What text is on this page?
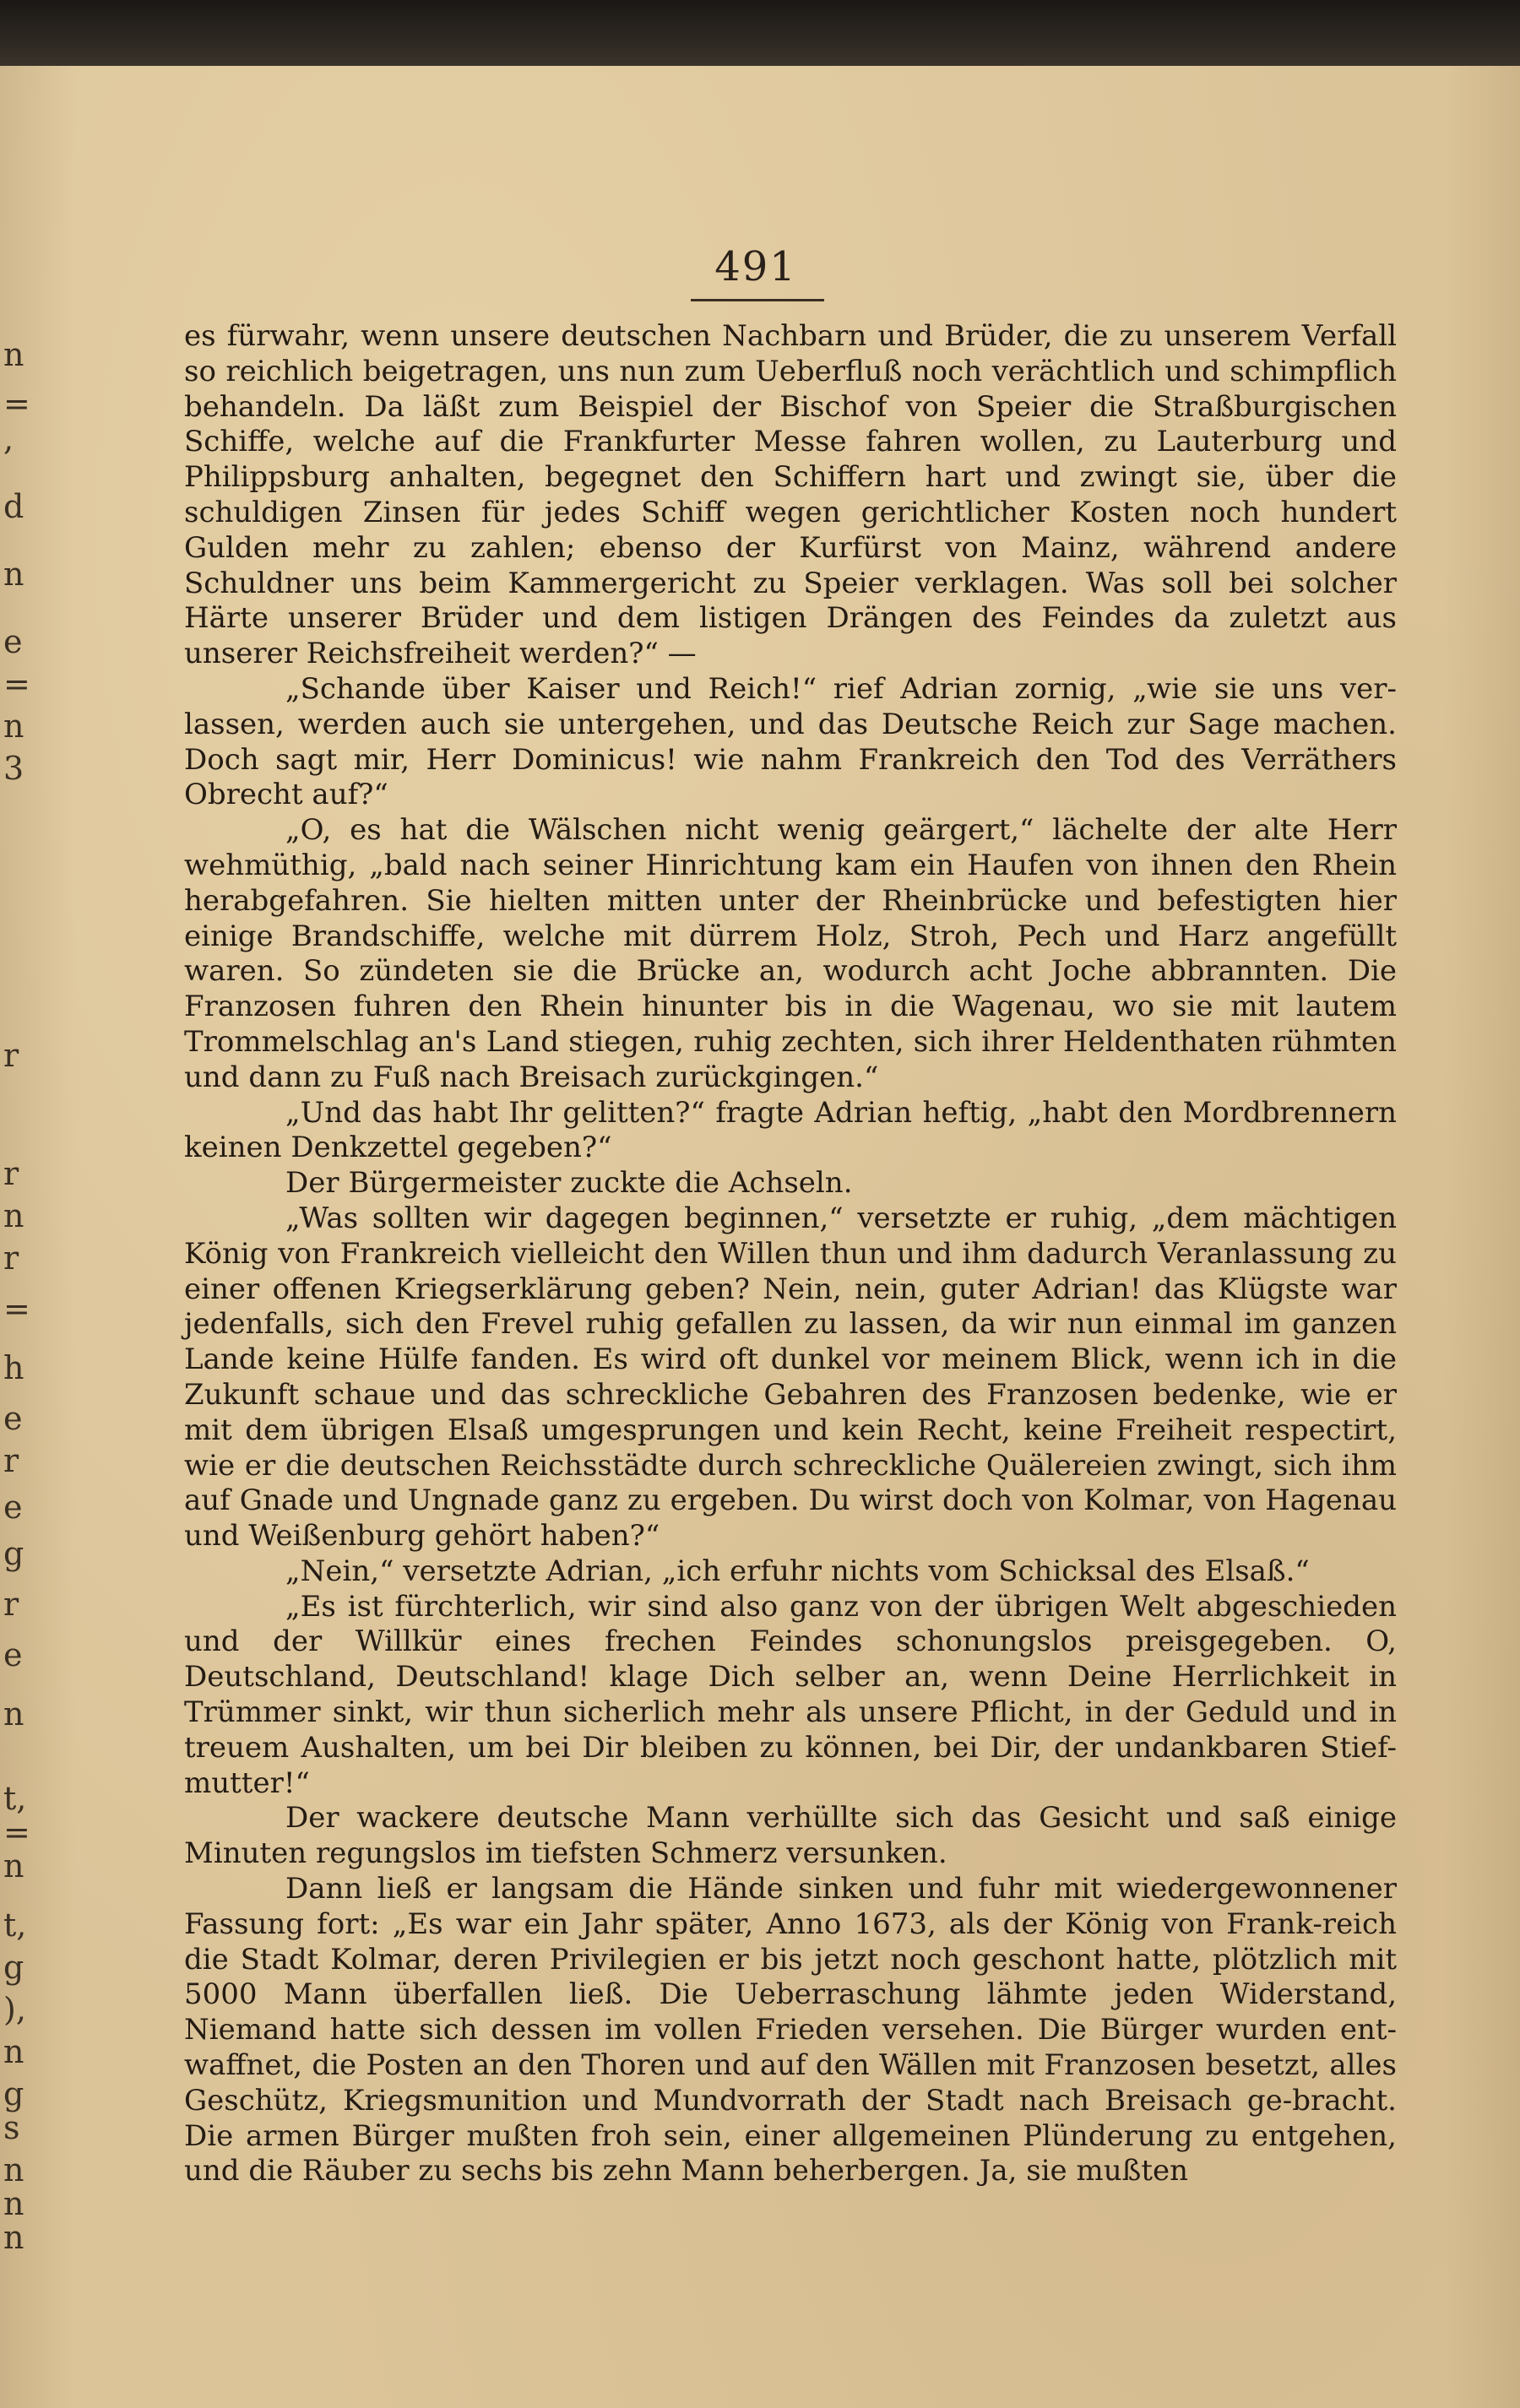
n
=
,
d
n
e
=
n
3
r
r
n
r
=
h
e
r
e
g
r
e
n
t,
=
n
t,
g
),
n
g
s
n
n
n
491

es fürwahr, wenn unsere deutschen Nachbarn und Brüder, die zu unserem Verfall so reichlich beigetragen, uns nun zum Ueberfluß noch verächtlich und schimpflich behandeln. Da läßt zum Beispiel der Bischof von Speier die Straßburgischen Schiffe, welche auf die Frankfurter Messe fahren wollen, zu Lauterburg und Philippsburg anhalten, begegnet den Schiffern hart und zwingt sie, über die schuldigen Zinsen für jedes Schiff wegen gerichtlicher Kosten noch hundert Gulden mehr zu zahlen; ebenso der Kurfürst von Mainz, während andere Schuldner uns beim Kammergericht zu Speier verklagen. Was soll bei solcher Härte unserer Brüder und dem listigen Drängen des Feindes da zuletzt aus unserer Reichsfreiheit werden?“ —

„Schande über Kaiser und Reich!“ rief Adrian zornig, „wie sie uns ver-lassen, werden auch sie untergehen, und das Deutsche Reich zur Sage machen. Doch sagt mir, Herr Dominicus! wie nahm Frankreich den Tod des Verräthers Obrecht auf?“

„O, es hat die Wälschen nicht wenig geärgert,“ lächelte der alte Herr wehmüthig, „bald nach seiner Hinrichtung kam ein Haufen von ihnen den Rhein herabgefahren. Sie hielten mitten unter der Rheinbrücke und befestigten hier einige Brandschiffe, welche mit dürrem Holz, Stroh, Pech und Harz angefüllt waren. So zündeten sie die Brücke an, wodurch acht Joche abbrannten. Die Franzosen fuhren den Rhein hinunter bis in die Wagenau, wo sie mit lautem Trommelschlag an's Land stiegen, ruhig zechten, sich ihrer Heldenthaten rühmten und dann zu Fuß nach Breisach zurückgingen.“

„Und das habt Ihr gelitten?“ fragte Adrian heftig, „habt den Mordbrennern keinen Denkzettel gegeben?“

Der Bürgermeister zuckte die Achseln.

„Was sollten wir dagegen beginnen,“ versetzte er ruhig, „dem mächtigen König von Frankreich vielleicht den Willen thun und ihm dadurch Veranlassung zu einer offenen Kriegserklärung geben? Nein, nein, guter Adrian! das Klügste war jedenfalls, sich den Frevel ruhig gefallen zu lassen, da wir nun einmal im ganzen Lande keine Hülfe fanden. Es wird oft dunkel vor meinem Blick, wenn ich in die Zukunft schaue und das schreckliche Gebahren des Franzosen bedenke, wie er mit dem übrigen Elsaß umgesprungen und kein Recht, keine Freiheit respectirt, wie er die deutschen Reichsstädte durch schreckliche Quälereien zwingt, sich ihm auf Gnade und Ungnade ganz zu ergeben. Du wirst doch von Kolmar, von Hagenau und Weißenburg gehört haben?“

„Nein,“ versetzte Adrian, „ich erfuhr nichts vom Schicksal des Elsaß.“

„Es ist fürchterlich, wir sind also ganz von der übrigen Welt abgeschieden und der Willkür eines frechen Feindes schonungslos preisgegeben. O, Deutschland, Deutschland! klage Dich selber an, wenn Deine Herrlichkeit in Trümmer sinkt, wir thun sicherlich mehr als unsere Pflicht, in der Geduld und in treuem Aushalten, um bei Dir bleiben zu können, bei Dir, der undankbaren Stief-mutter!“

Der wackere deutsche Mann verhüllte sich das Gesicht und saß einige Minuten regungslos im tiefsten Schmerz versunken.

Dann ließ er langsam die Hände sinken und fuhr mit wiedergewonnener Fassung fort: „Es war ein Jahr später, Anno 1673, als der König von Frank-reich die Stadt Kolmar, deren Privilegien er bis jetzt noch geschont hatte, plötzlich mit 5000 Mann überfallen ließ. Die Ueberraschung lähmte jeden Widerstand, Niemand hatte sich dessen im vollen Frieden versehen. Die Bürger wurden ent-waffnet, die Posten an den Thoren und auf den Wällen mit Franzosen besetzt, alles Geschütz, Kriegsmunition und Mundvorrath der Stadt nach Breisach ge-bracht. Die armen Bürger mußten froh sein, einer allgemeinen Plünderung zu entgehen, und die Räuber zu sechs bis zehn Mann beherbergen. Ja, sie mußten
